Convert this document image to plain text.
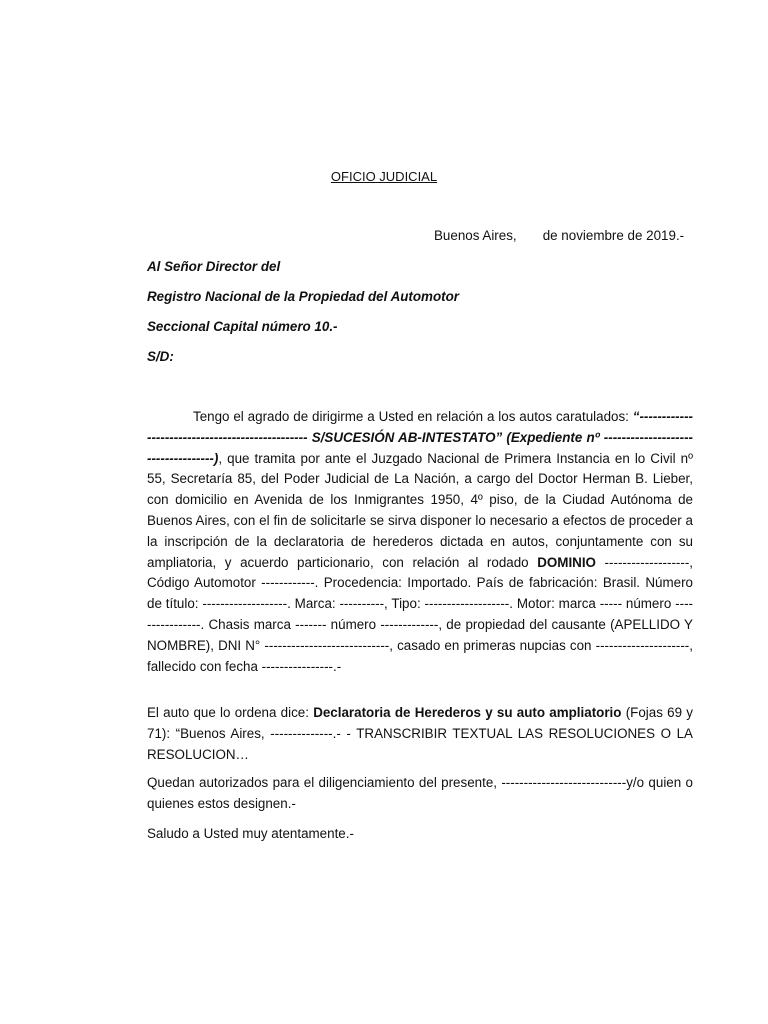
OFICIO JUDICIAL
Buenos Aires, de noviembre de 2019.-
Al Señor Director del
Registro Nacional de la Propiedad del Automotor
Seccional Capital número 10.-
S/D:
Tengo el agrado de dirigirme a Usted en relación a los autos caratulados: “------------------------------------------------ S/SUCESIÓN AB-INTESTATO” (Expediente nº -----------------------------------), que tramita por ante el Juzgado Nacional de Primera Instancia en lo Civil nº 55, Secretaría 85, del Poder Judicial de La Nación, a cargo del Doctor Herman B. Lieber, con domicilio en Avenida de los Inmigrantes 1950, 4º piso, de la Ciudad Autónoma de Buenos Aires, con el fin de solicitarle se sirva disponer lo necesario a efectos de proceder a la inscripción de la declaratoria de herederos dictada en autos, conjuntamente con su ampliatoria, y acuerdo particionario, con relación al rodado DOMINIO -------------------, Código Automotor ------------. Procedencia: Importado. País de fabricación: Brasil. Número de título: -------------------. Marca: ----------, Tipo: -------------------. Motor: marca ----- número ----------------. Chasis marca ------- número -------------, de propiedad del causante (APELLIDO Y NOMBRE), DNI N° ----------------------------, casado en primeras nupcias con ---------------------, fallecido con fecha ----------------.-
El auto que lo ordena dice: Declaratoria de Herederos y su auto ampliatorio (Fojas 69 y 71): “Buenos Aires, --------------.- - TRANSCRIBIR TEXTUAL LAS RESOLUCIONES O LA RESOLUCION…
Quedan autorizados para el diligenciamiento del presente, ----------------------------y/o quien o quienes estos designen.-
Saludo a Usted muy atentamente.-
